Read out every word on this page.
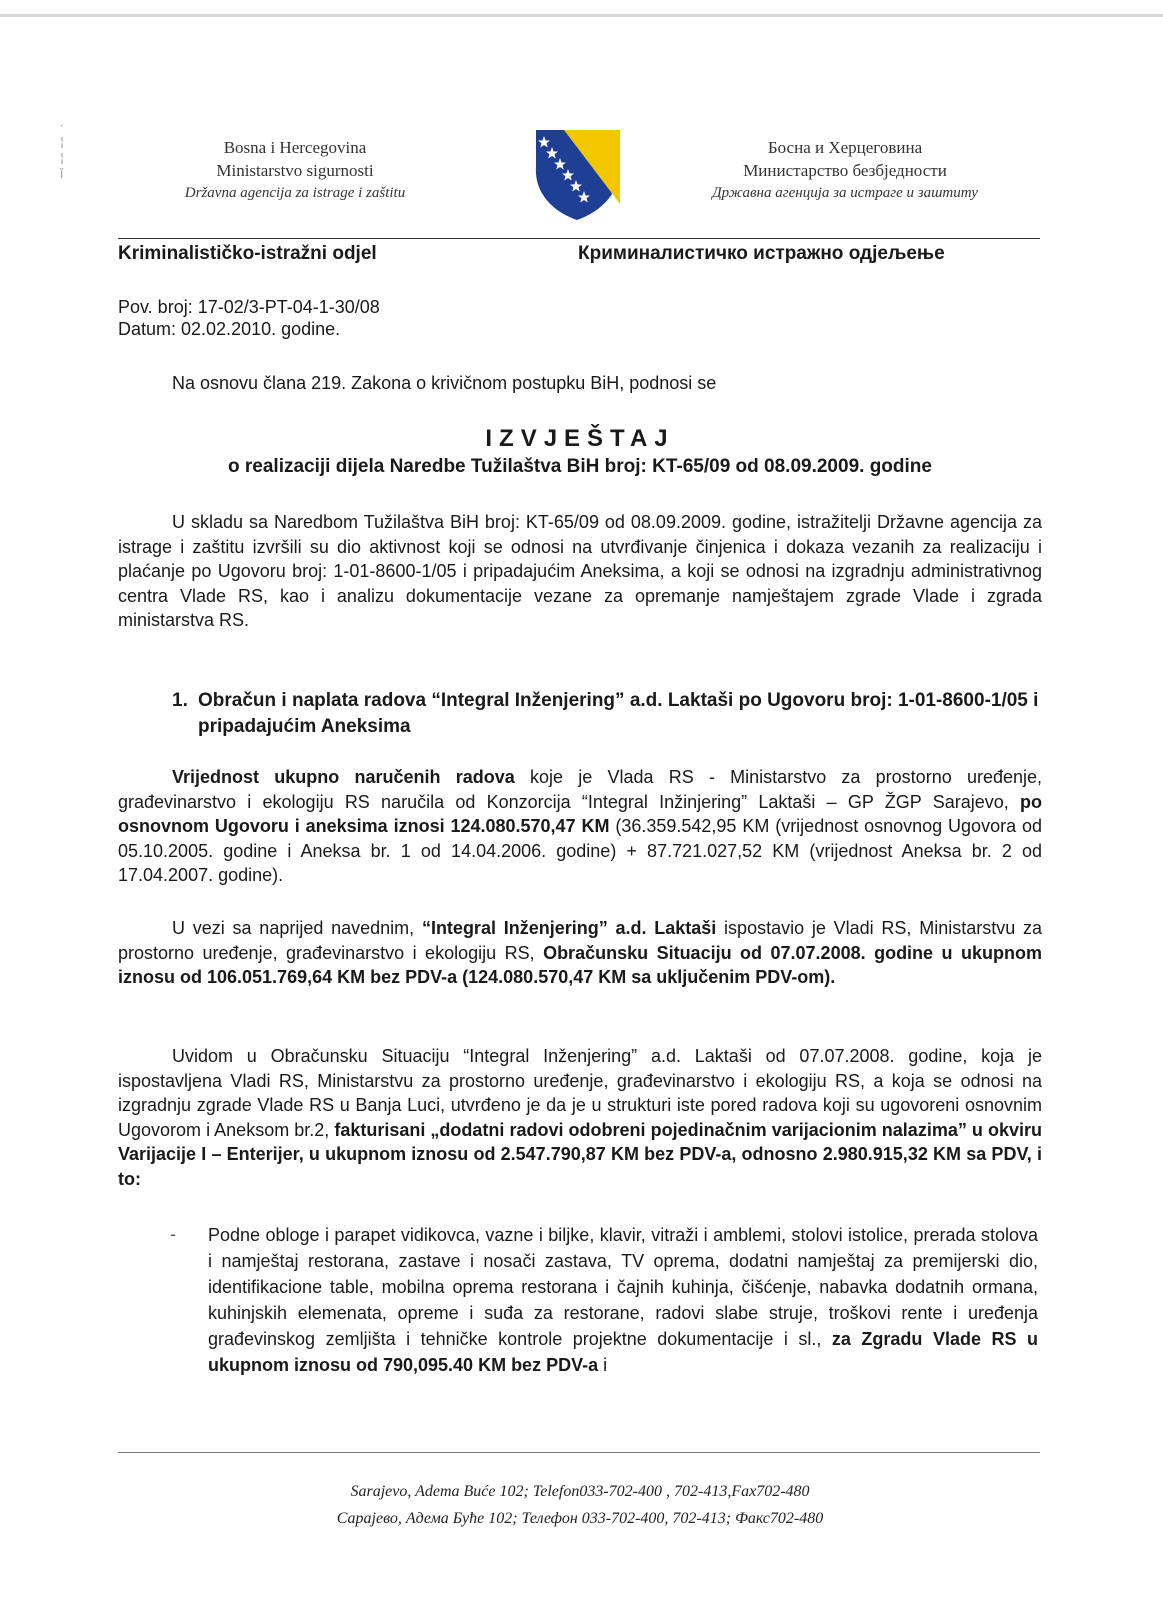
·
¦
¦
ǐ
Bosna i Hercegovina
Ministarstvo sigurnosti
Državna agencija za istrage i zaštitu
Босна и Херцеговина
Министарство безбједности
Државна агенција за истраге и заштиту
Kriminalističko-istražni odjel	Криминалистичко истражно одјељење
Pov. broj: 17-02/3-PT-04-1-30/08
Datum: 02.02.2010. godine.
Na osnovu člana 219. Zakona o krivičnom postupku BiH, podnosi se
IZVJEŠTAJ
o realizaciji dijela Naredbe Tužilaštva BiH broj: KT-65/09 od 08.09.2009. godine

U skladu sa Naredbom Tužilaštva BiH broj: KT-65/09 od 08.09.2009. godine, istražitelji Državne agencija za istrage i zaštitu izvršili su dio aktivnost koji se odnosi na utvrđivanje činjenica i dokaza vezanih za realizaciju i plaćanje po Ugovoru broj: 1-01-8600-1/05 i pripadajućim Aneksima, a koji se odnosi na izgradnju administrativnog centra Vlade RS, kao i analizu dokumentacije vezane za opremanje namještajem zgrade Vlade i zgrada ministarstva RS.

1. Obračun i naplata radova “Integral Inženjering” a.d. Laktaši po Ugovoru broj: 1-01-8600-1/05 i pripadajućim Aneksima

Vrijednost ukupno naručenih radova koje je Vlada RS - Ministarstvo za prostorno uređenje, građevinarstvo i ekologiju RS naručila od Konzorcija “Integral Inžinjering” Laktaši – GP ŽGP Sarajevo, po osnovnom Ugovoru i aneksima iznosi 124.080.570,47 KM (36.359.542,95 KM (vrijednost osnovnog Ugovora od 05.10.2005. godine i Aneksa br. 1 od 14.04.2006. godine) + 87.721.027,52 KM (vrijednost Aneksa br. 2 od 17.04.2007. godine).

U vezi sa naprijed navednim, “Integral Inženjering” a.d. Laktaši ispostavio je Vladi RS, Ministarstvu za prostorno uređenje, građevinarstvo i ekologiju RS, Obračunsku Situaciju od 07.07.2008. godine u ukupnom iznosu od 106.051.769,64 KM bez PDV-a (124.080.570,47 KM sa uključenim PDV-om).

Uvidom u Obračunsku Situaciju “Integral Inženjering” a.d. Laktaši od 07.07.2008. godine, koja je ispostavljena Vladi RS, Ministarstvu za prostorno uređenje, građevinarstvo i ekologiju RS, a koja se odnosi na izgradnju zgrade Vlade RS u Banja Luci, utvrđeno je da je u strukturi iste pored radova koji su ugovoreni osnovnim Ugovorom i Aneksom br.2, fakturisani „dodatni radovi odobreni pojedinačnim varijacionim nalazima” u okviru Varijacije I – Enterijer, u ukupnom iznosu od 2.547.790,87 KM bez PDV-a, odnosno 2.980.915,32 KM sa PDV, i to:

- Podne obloge i parapet vidikovca, vazne i biljke, klavir, vitraži i amblemi, stolovi istolice, prerada stolova i namještaj restorana, zastave i nosači zastava, TV oprema, dodatni namještaj za premijerski dio, identifikacione table, mobilna oprema restorana i čajnih kuhinja, čišćenje, nabavka dodatnih ormana, kuhinjskih elemenata, opreme i suđa za restorane, radovi slabe struje, troškovi rente i uređenja građevinskog zemljišta i tehničke kontrole projektne dokumentacije i sl., za Zgradu Vlade RS u ukupnom iznosu od 790,095.40 KM bez PDV-a i

Sarajevo, Adema Buće 102; Telefon033-702-400 , 702-413,Fax702-480
Сарајево, Адема Буће 102; Телефон 033-702-400, 702-413; Факс702-480
